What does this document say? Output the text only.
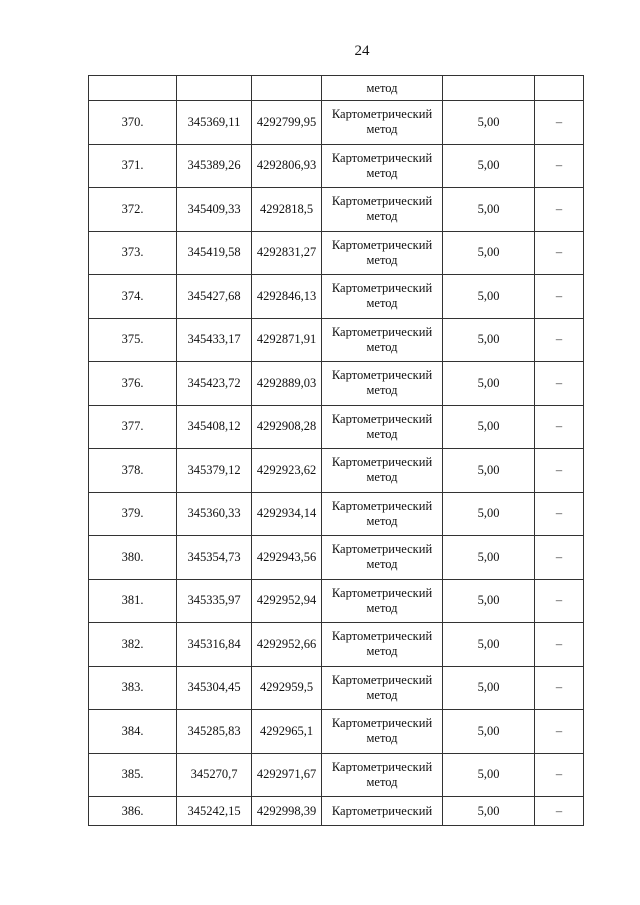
24
			метод		
370.	345369,11	4292799,95	Картометрический метод	5,00	–
371.	345389,26	4292806,93	Картометрический метод	5,00	–
372.	345409,33	4292818,5	Картометрический метод	5,00	–
373.	345419,58	4292831,27	Картометрический метод	5,00	–
374.	345427,68	4292846,13	Картометрический метод	5,00	–
375.	345433,17	4292871,91	Картометрический метод	5,00	–
376.	345423,72	4292889,03	Картометрический метод	5,00	–
377.	345408,12	4292908,28	Картометрический метод	5,00	–
378.	345379,12	4292923,62	Картометрический метод	5,00	–
379.	345360,33	4292934,14	Картометрический метод	5,00	–
380.	345354,73	4292943,56	Картометрический метод	5,00	–
381.	345335,97	4292952,94	Картометрический метод	5,00	–
382.	345316,84	4292952,66	Картометрический метод	5,00	–
383.	345304,45	4292959,5	Картометрический метод	5,00	–
384.	345285,83	4292965,1	Картометрический метод	5,00	–
385.	345270,7	4292971,67	Картометрический метод	5,00	–
386.	345242,15	4292998,39	Картометрический	5,00	–
